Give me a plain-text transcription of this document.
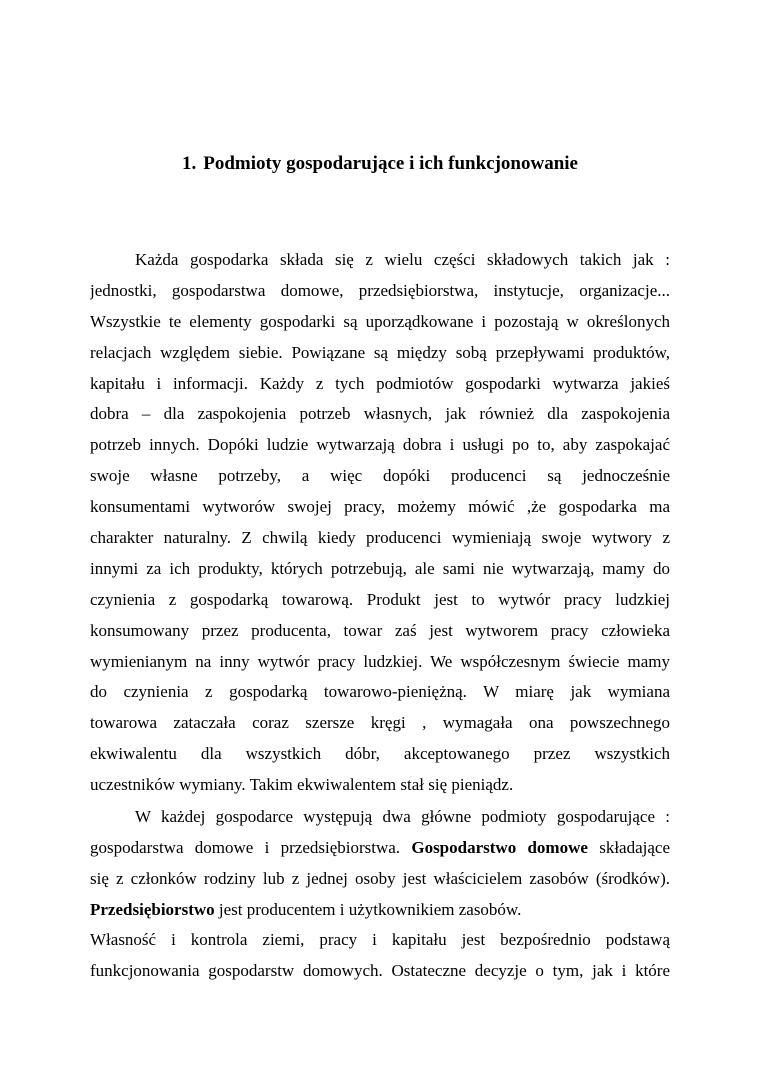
1. Podmioty gospodarujące i ich funkcjonowanie
Każda gospodarka składa się z wielu części składowych takich jak :
jednostki, gospodarstwa domowe, przedsiębiorstwa, instytucje, organizacje...
Wszystkie te elementy gospodarki są uporządkowane i pozostają w określonych
relacjach względem siebie. Powiązane są między sobą przepływami produktów,
kapitału i informacji. Każdy z tych podmiotów gospodarki wytwarza jakieś
dobra – dla zaspokojenia potrzeb własnych, jak również dla zaspokojenia
potrzeb innych. Dopóki ludzie wytwarzają dobra i usługi po to, aby zaspokajać
swoje własne potrzeby, a więc dopóki producenci są jednocześnie
konsumentami wytworów swojej pracy, możemy mówić ,że gospodarka ma
charakter naturalny. Z chwilą kiedy producenci wymieniają swoje wytwory z
innymi za ich produkty, których potrzebują, ale sami nie wytwarzają, mamy do
czynienia z gospodarką towarową. Produkt jest to wytwór pracy ludzkiej
konsumowany przez producenta, towar zaś jest wytworem pracy człowieka
wymienianym na inny wytwór pracy ludzkiej. We współczesnym świecie mamy
do czynienia z gospodarką towarowo-pieniężną. W miarę jak wymiana
towarowa zataczała coraz szersze kręgi , wymagała ona powszechnego
ekwiwalentu dla wszystkich dóbr, akceptowanego przez wszystkich
uczestników wymiany. Takim ekwiwalentem stał się pieniądz.
W każdej gospodarce występują dwa główne podmioty gospodarujące :
gospodarstwa domowe i przedsiębiorstwa. Gospodarstwo domowe składające
się z członków rodziny lub z jednej osoby jest właścicielem zasobów (środków).
Przedsiębiorstwo jest producentem i użytkownikiem zasobów.
Własność i kontrola ziemi, pracy i kapitału jest bezpośrednio podstawą
funkcjonowania gospodarstw domowych. Ostateczne decyzje o tym, jak i które
